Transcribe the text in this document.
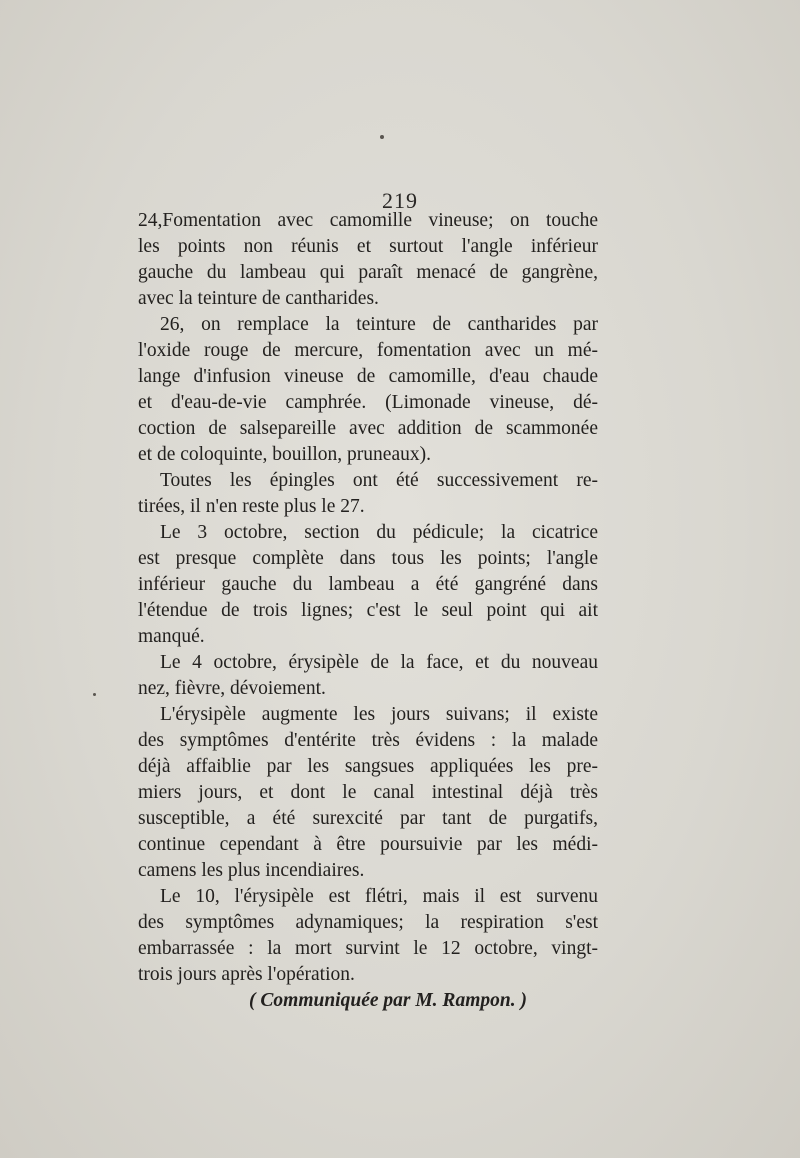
219
24,Fomentation avec camomille vineuse; on touche
les points non réunis et surtout l'angle inférieur
gauche du lambeau qui paraît menacé de gangrène,
avec la teinture de cantharides.
26, on remplace la teinture de cantharides par
l'oxide rouge de mercure, fomentation avec un mé-
lange d'infusion vineuse de camomille, d'eau chaude
et d'eau-de-vie camphrée. (Limonade vineuse, dé-
coction de salsepareille avec addition de scammonée
et de coloquinte, bouillon, pruneaux).
Toutes les épingles ont été successivement re-
tirées, il n'en reste plus le 27.
Le 3 octobre, section du pédicule; la cicatrice
est presque complète dans tous les points; l'angle
inférieur gauche du lambeau a été gangréné dans
l'étendue de trois lignes; c'est le seul point qui ait
manqué.
Le 4 octobre, érysipèle de la face, et du nouveau
nez, fièvre, dévoiement.
L'érysipèle augmente les jours suivans; il existe
des symptômes d'entérite très évidens : la malade
déjà affaiblie par les sangsues appliquées les pre-
miers jours, et dont le canal intestinal déjà très
susceptible, a été surexcité par tant de purgatifs,
continue cependant à être poursuivie par les médi-
camens les plus incendiaires.
Le 10, l'érysipèle est flétri, mais il est survenu
des symptômes adynamiques; la respiration s'est
embarrassée : la mort survint le 12 octobre, vingt-
trois jours après l'opération.
( Communiquée par M. Rampon. )
